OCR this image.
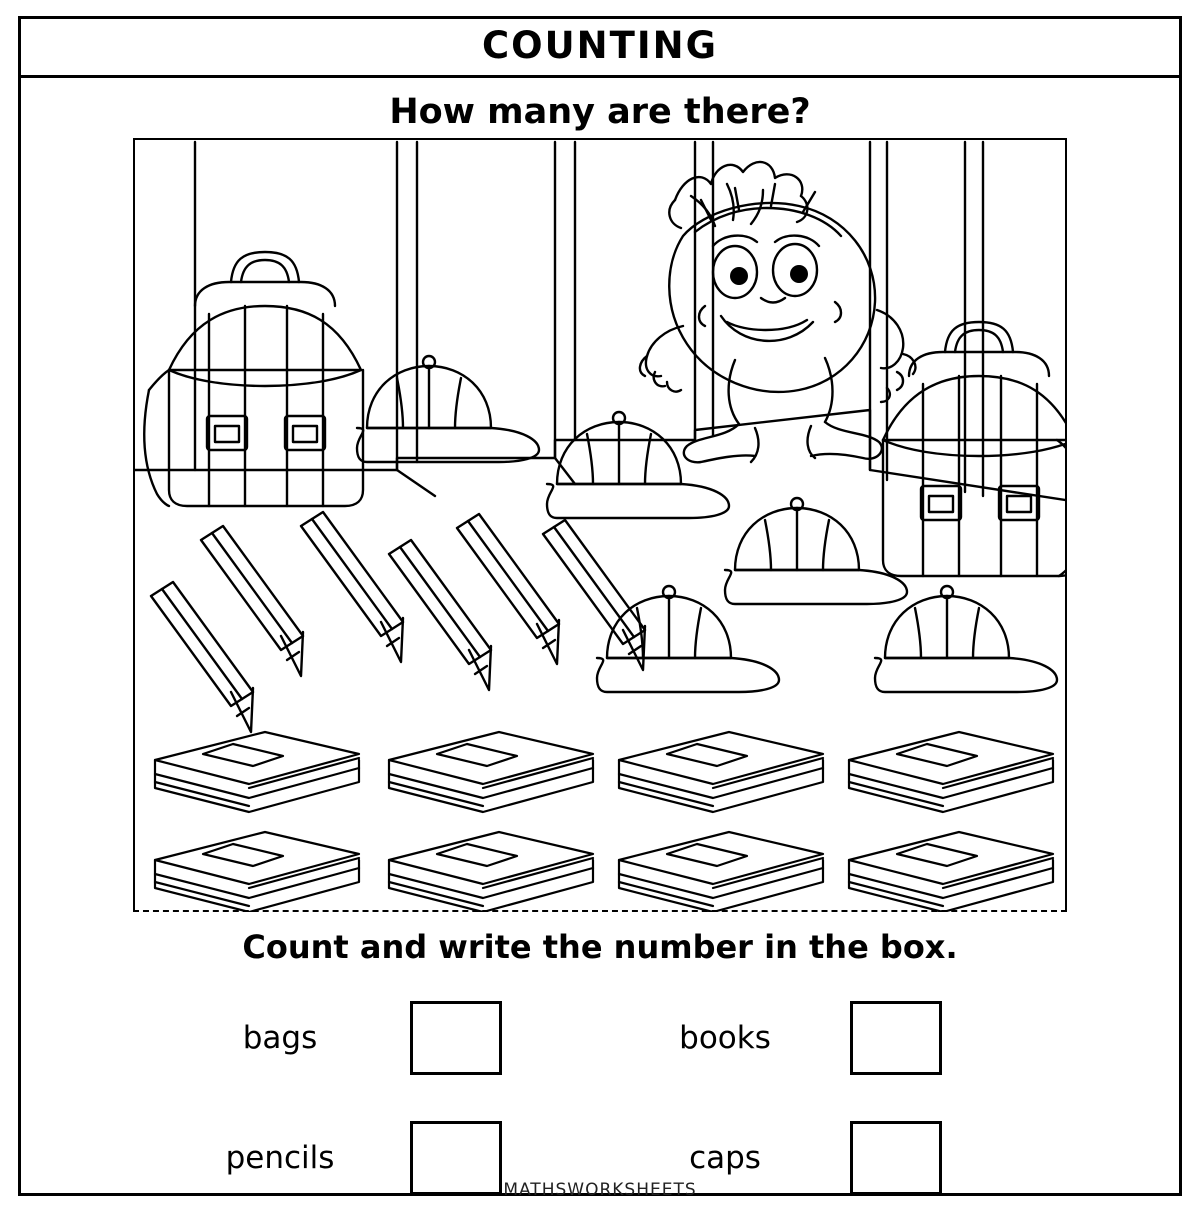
COUNTING
How many are there?
Count and write the number in the box.
bags	books
pencils	caps
MATHSWORKSHEETS
